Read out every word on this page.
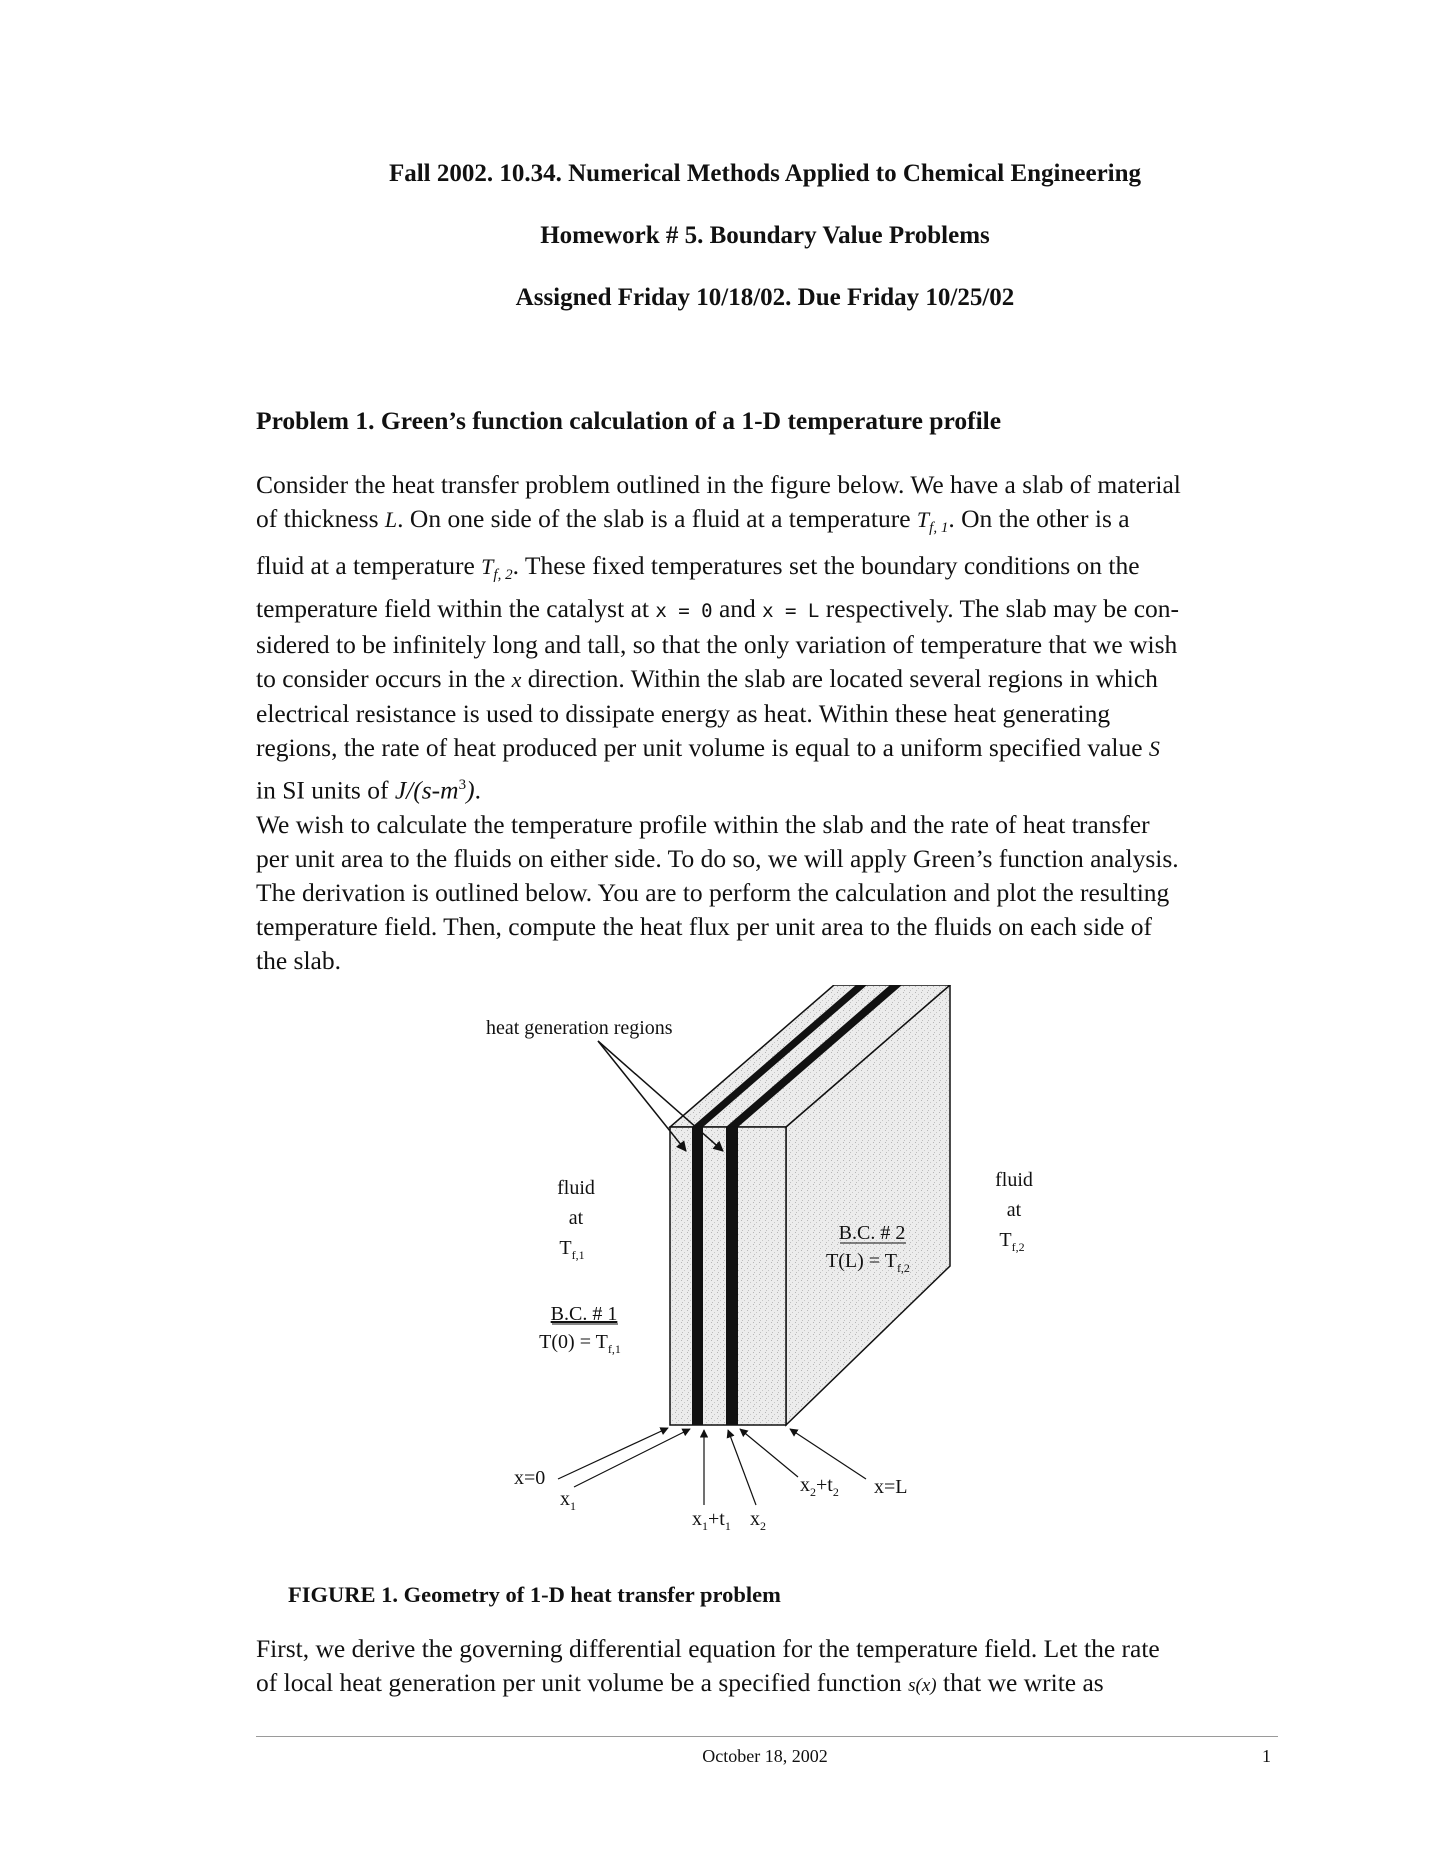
Fall 2002. 10.34. Numerical Methods Applied to Chemical Engineering
Homework # 5. Boundary Value Problems
Assigned Friday 10/18/02. Due Friday 10/25/02
Problem 1. Green’s function calculation of a 1-D temperature profile
Consider the heat transfer problem outlined in the figure below. We have a slab of material
of thickness L. On one side of the slab is a fluid at a temperature $T_{f, 1}$. On the other is a
fluid at a temperature $T_{f, 2}$. These fixed temperatures set the boundary conditions on the
temperature field within the catalyst at x = 0 and x = L respectively. The slab may be con-
sidered to be infinitely long and tall, so that the only variation of temperature that we wish
to consider occurs in the x direction. Within the slab are located several regions in which
electrical resistance is used to dissipate energy as heat. Within these heat generating
regions, the rate of heat produced per unit volume is equal to a uniform specified value S
in SI units of $J/(s-m^3)$.
We wish to calculate the temperature profile within the slab and the rate of heat transfer
per unit area to the fluids on either side. To do so, we will apply Green’s function analysis.
The derivation is outlined below. You are to perform the calculation and plot the resulting
temperature field. Then, compute the heat flux per unit area to the fluids on each side of
the slab.
heat generation regions
fluid
at
$T_{f,1}$
fluid
at
$T_{f,2}$
B.C. # 1
$T(0) = T_{f,1}$
B.C. # 2
$T(L) = T_{f,2}$
x=0
$x_1$
$x_1+t_1$ $x_2$
$x_2+t_2$ x=L
FIGURE 1. Geometry of 1-D heat transfer problem
First, we derive the governing differential equation for the temperature field. Let the rate
of local heat generation per unit volume be a specified function s(x) that we write as
October 18, 2002	1
